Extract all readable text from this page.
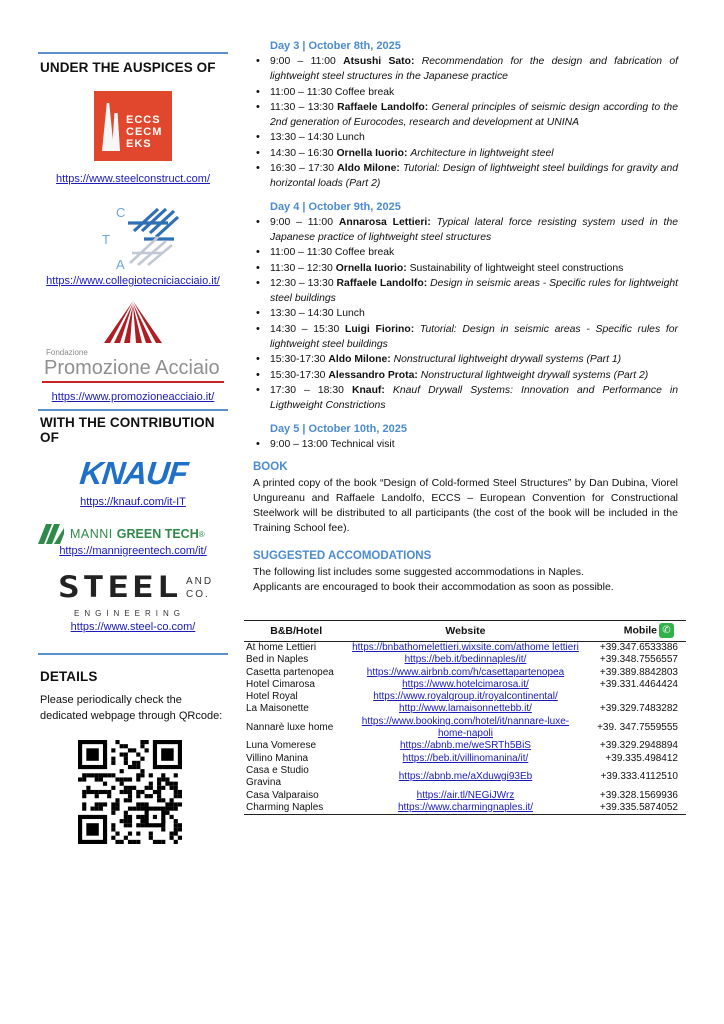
UNDER THE AUSPICES OF
ECCS
CECM
EKS
https://www.steelconstruct.com/
C
T
A
https://www.collegiotecniciacciaio.it/
Fondazione
Promozione Acciaio
https://www.promozioneacciaio.it/
WITH THE CONTRIBUTION OF
KNAUF
https://knauf.com/it-IT
MANNI GREEN TECH ®
https://mannigreentech.com/it/
STEEL AND CO.
ENGINEERING
https://www.steel-co.com/
DETAILS
Please periodically check the dedicated webpage through QRcode:
Day 3 | October 8th, 2025
• 9:00 – 11:00 Atsushi Sato: Recommendation for the design and fabrication of lightweight steel structures in the Japanese practice
• 11:00 – 11:30 Coffee break
• 11:30 – 13:30 Raffaele Landolfo: General principles of seismic design according to the 2nd generation of Eurocodes, research and development at UNINA
• 13:30 – 14:30 Lunch
• 14:30 – 16:30 Ornella Iuorio: Architecture in lightweight steel
• 16:30 – 17:30 Aldo Milone: Tutorial: Design of lightweight steel buildings for gravity and horizontal loads (Part 2)
Day 4 | October 9th, 2025
• 9:00 – 11:00 Annarosa Lettieri: Typical lateral force resisting system used in the Japanese practice of lightweight steel structures
• 11:00 – 11:30 Coffee break
• 11:30 – 12:30 Ornella Iuorio: Sustainability of lightweight steel constructions
• 12:30 – 13:30 Raffaele Landolfo: Design in seismic areas - Specific rules for lightweight steel buildings
• 13:30 – 14:30 Lunch
• 14:30 – 15:30 Luigi Fiorino: Tutorial: Design in seismic areas - Specific rules for lightweight steel buildings
• 15:30-17:30 Aldo Milone: Nonstructural lightweight drywall systems (Part 1)
• 15:30-17:30 Alessandro Prota: Nonstructural lightweight drywall systems (Part 2)
• 17:30 – 18:30 Knauf: Knauf Drywall Systems: Innovation and Performance in Ligthweight Constrictions
Day 5 | October 10th, 2025
• 9:00 – 13:00 Technical visit
BOOK
A printed copy of the book “Design of Cold-formed Steel Structures” by Dan Dubina, Viorel Ungureanu and Raffaele Landolfo, ECCS – European Convention for Constructional Steelwork will be distributed to all participants (the cost of the book will be included in the Training School fee).
SUGGESTED ACCOMODATIONS
The following list includes some suggested accommodations in Naples.
Applicants are encouraged to book their accommodation as soon as possible.
B&B/Hotel	Website	Mobile ✆
At home Lettieri	https://bnbathomelettieri.wixsite.com/athome lettieri	+39.347.6533386
Bed in Naples	https://beb.it/bedinnaples/it/	+39.348.7556557
Casetta partenopea	https://www.airbnb.com/h/casettapartenopea	+39.389.8842803
Hotel Cimarosa	https://www.hotelcimarosa.it/	+39.331.4464424
Hotel Royal	https://www.royalgroup.it/royalcontinental/	
La Maisonette	http://www.lamaisonnettebb.it/	+39.329.7483282
Nannarè luxe home	https://www.booking.com/hotel/it/nannare-luxe-home-napoli	+39. 347.7559555
Luna Vomerese	https://abnb.me/weSRTh5BiS	+39.329.2948894
Villino Manina	https://beb.it/villinomanina/it/	+39.335.498412
Casa e Studio Gravina	https://abnb.me/aXduwgi93Eb	+39.333.4112510
Casa Valparaiso	https://air.tl/NEGiJWrz	+39.328.1569936
Charming Naples	https://www.charmingnaples.it/	+39.335.5874052
